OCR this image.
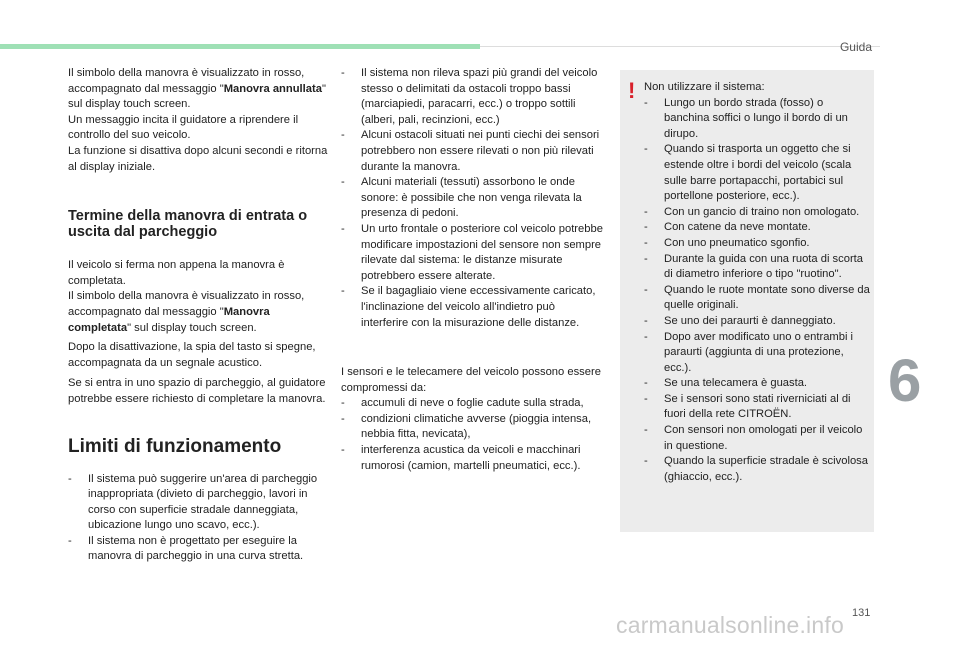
Guida

Il simbolo della manovra è visualizzato in rosso, accompagnato dal messaggio "Manovra annullata" sul display touch screen.

Un messaggio incita il guidatore a riprendere il controllo del suo veicolo.

La funzione si disattiva dopo alcuni secondi e ritorna al display iniziale.

Termine della manovra di entrata o uscita dal parcheggio

Il veicolo si ferma non appena la manovra è completata.

Il simbolo della manovra è visualizzato in rosso, accompagnato dal messaggio "Manovra completata" sul display touch screen.

Dopo la disattivazione, la spia del tasto si spegne, accompagnata da un segnale acustico.

Se si entra in uno spazio di parcheggio, al guidatore potrebbe essere richiesto di completare la manovra.

Limiti di funzionamento

- Il sistema può suggerire un'area di parcheggio inappropriata (divieto di parcheggio, lavori in corso con superficie stradale danneggiata, ubicazione lungo uno scavo, ecc.).
- Il sistema non è progettato per eseguire la manovra di parcheggio in una curva stretta.
- Il sistema non rileva spazi più grandi del veicolo stesso o delimitati da ostacoli troppo bassi (marciapiedi, paracarri, ecc.) o troppo sottili (alberi, pali, recinzioni, ecc.)
- Alcuni ostacoli situati nei punti ciechi dei sensori potrebbero non essere rilevati o non più rilevati durante la manovra.
- Alcuni materiali (tessuti) assorbono le onde sonore: è possibile che non venga rilevata la presenza di pedoni.
- Un urto frontale o posteriore col veicolo potrebbe modificare impostazioni del sensore non sempre rilevate dal sistema: le distanze misurate potrebbero essere alterate.
- Se il bagagliaio viene eccessivamente caricato, l'inclinazione del veicolo all'indietro può interferire con la misurazione delle distanze.

I sensori e le telecamere del veicolo possono essere compromessi da:

- accumuli di neve o foglie cadute sulla strada,
- condizioni climatiche avverse (pioggia intensa, nebbia fitta, nevicata),
- interferenza acustica da veicoli e macchinari rumorosi (camion, martelli pneumatici, ecc.).
! Non utilizzare il sistema:

- Lungo un bordo strada (fosso) o banchina soffici o lungo il bordo di un dirupo.
- Quando si trasporta un oggetto che si estende oltre i bordi del veicolo (scala sulle barre portapacchi, portabici sul portellone posteriore, ecc.).
- Con un gancio di traino non omologato.
- Con catene da neve montate.
- Con uno pneumatico sgonfio.
- Durante la guida con una ruota di scorta di diametro inferiore o tipo "ruotino".
- Quando le ruote montate sono diverse da quelle originali.
- Se uno dei paraurti è danneggiato.
- Dopo aver modificato uno o entrambi i paraurti (aggiunta di una protezione, ecc.).
- Se una telecamera è guasta.
- Se i sensori sono stati riverniciati al di fuori della rete CITROËN.
- Con sensori non omologati per il veicolo in questione.
- Quando la superficie stradale è scivolosa (ghiaccio, ecc.).
6
carmanualsonline.info 131
